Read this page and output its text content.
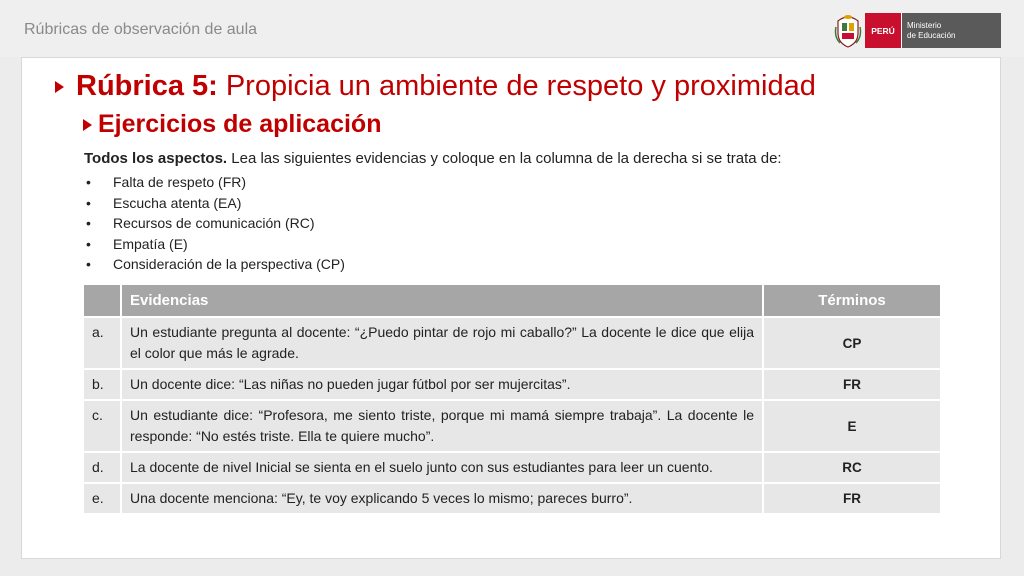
Rúbricas de observación de aula	PERÚ	Ministerio
de Educación
Rúbrica 5: Propicia un ambiente de respeto y proximidad
Ejercicios de aplicación
Todos los aspectos. Lea las siguientes evidencias y coloque en la columna de la derecha si se trata de:
• Falta de respeto (FR)
• Escucha atenta (EA)
• Recursos de comunicación (RC)
• Empatía (E)
• Consideración de la perspectiva (CP)
	Evidencias	Términos
a.	Un estudiante pregunta al docente: “¿Puedo pintar de rojo mi caballo?” La docente le dice que elija el color que más le agrade.	CP
b.	Un docente dice: “Las niñas no pueden jugar fútbol por ser mujercitas”.	FR
c.	Un estudiante dice: “Profesora, me siento triste, porque mi mamá siempre trabaja”. La docente le responde: “No estés triste. Ella te quiere mucho”.	E
d.	La docente de nivel Inicial se sienta en el suelo junto con sus estudiantes para leer un cuento.	RC
e.	Una docente menciona: “Ey, te voy explicando 5 veces lo mismo; pareces burro”.	FR
